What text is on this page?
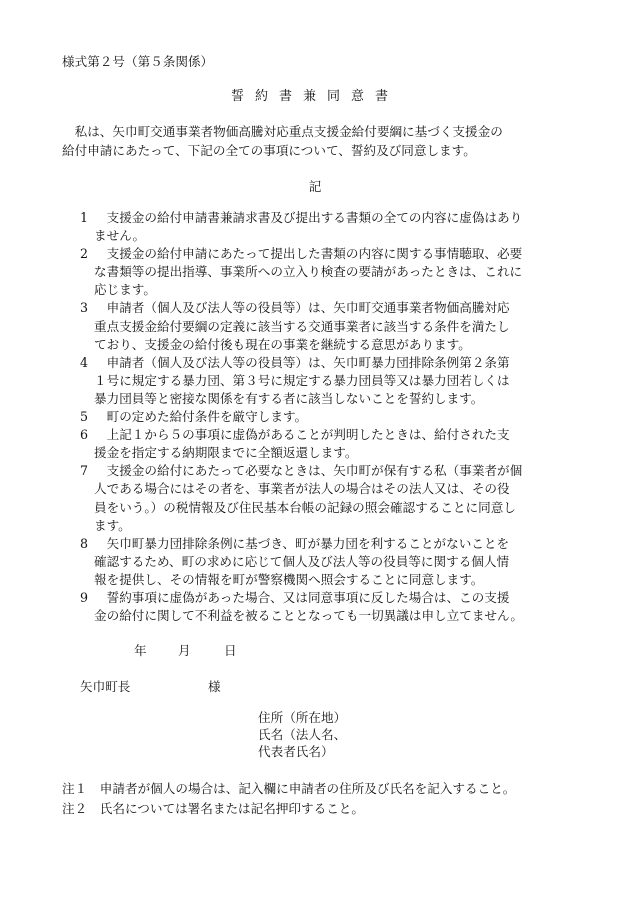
様式第２号（第５条関係）
誓約書兼同意書
　私は、矢巾町交通事業者物価高騰対応重点支援金給付要綱に基づく支援金の
給付申請にあたって、下記の全ての事項について、誓約及び同意します。
記
1 　支援金の給付申請書兼請求書及び提出する書類の全ての内容に虚偽はあり
ません。
2 　支援金の給付申請にあたって提出した書類の内容に関する事情聴取、必要
な書類等の提出指導、事業所への立入り検査の要請があったときは、これに
応じます。
3 　申請者（個人及び法人等の役員等）は、矢巾町交通事業者物価高騰対応
重点支援金給付要綱の定義に該当する交通事業者に該当する条件を満たし
ており、支援金の給付後も現在の事業を継続する意思があります。
4 　申請者（個人及び法人等の役員等）は、矢巾町暴力団排除条例第２条第
１号に規定する暴力団、第３号に規定する暴力団員等又は暴力団若しくは
暴力団員等と密接な関係を有する者に該当しないことを誓約します。
5 　町の定めた給付条件を厳守します。
6 　上記１から５の事項に虚偽があることが判明したときは、給付された支
援金を指定する納期限までに全額返還します。
7 　支援金の給付にあたって必要なときは、矢巾町が保有する私（事業者が個
人である場合にはその者を、事業者が法人の場合はその法人又は、その役
員をいう。）の税情報及び住民基本台帳の記録の照会確認することに同意し
ます。
8 　矢巾町暴力団排除条例に基づき、町が暴力団を利することがないことを
確認するため、町の求めに応じて個人及び法人等の役員等に関する個人情
報を提供し、その情報を町が警察機関へ照会することに同意します。
9 　誓約事項に虚偽があった場合、又は同意事項に反した場合は、この支援
金の給付に関して不利益を被ることとなっても一切異議は申し立てません。
年 月	日
矢巾町長	様
住所（所在地）
氏名（法人名、
代表者氏名）
注１　申請者が個人の場合は、記入欄に申請者の住所及び氏名を記入すること。
注２　氏名については署名または記名押印すること。
